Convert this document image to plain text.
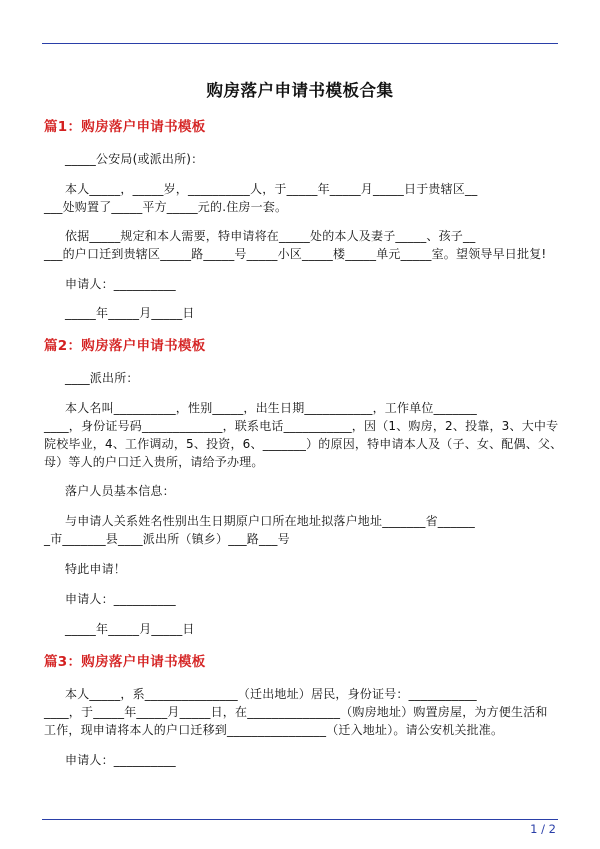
购房落户申请书模板合集
篇1：购房落户申请书模板
_____公安局(或派出所)：
本人_____，_____岁，__________人，于_____年_____月_____日于贵辖区__
___处购置了_____平方_____元的.住房一套。
依据_____规定和本人需要，特申请将在_____处的本人及妻子_____、孩子__
___的户口迁到贵辖区_____路_____号_____小区_____楼_____单元_____室。望领导早日批复!
申请人：__________
_____年_____月_____日
篇2：购房落户申请书模板
____派出所：
本人名叫__________，性别_____，出生日期___________，工作单位_______
____，身份证号码_____________，联系电话___________，因（1、购房，2、投靠，3、大中专
院校毕业，4、工作调动，5、投资，6、_______）的原因，特申请本人及（子、女、配偶、父、
母）等人的户口迁入贵所，请给予办理。
落户人员基本信息：
与申请人关系姓名性别出生日期原户口所在地址拟落户地址_______省______
_市_______县____派出所（镇乡）___路___号
特此申请！
申请人：__________
_____年_____月_____日
篇3：购房落户申请书模板
本人_____，系_______________（迁出地址）居民，身份证号：___________
____，于_____年_____月_____日，在_______________（购房地址）购置房屋，为方便生活和
工作，现申请将本人的户口迁移到________________（迁入地址）。请公安机关批准。
申请人：__________
1 / 2
